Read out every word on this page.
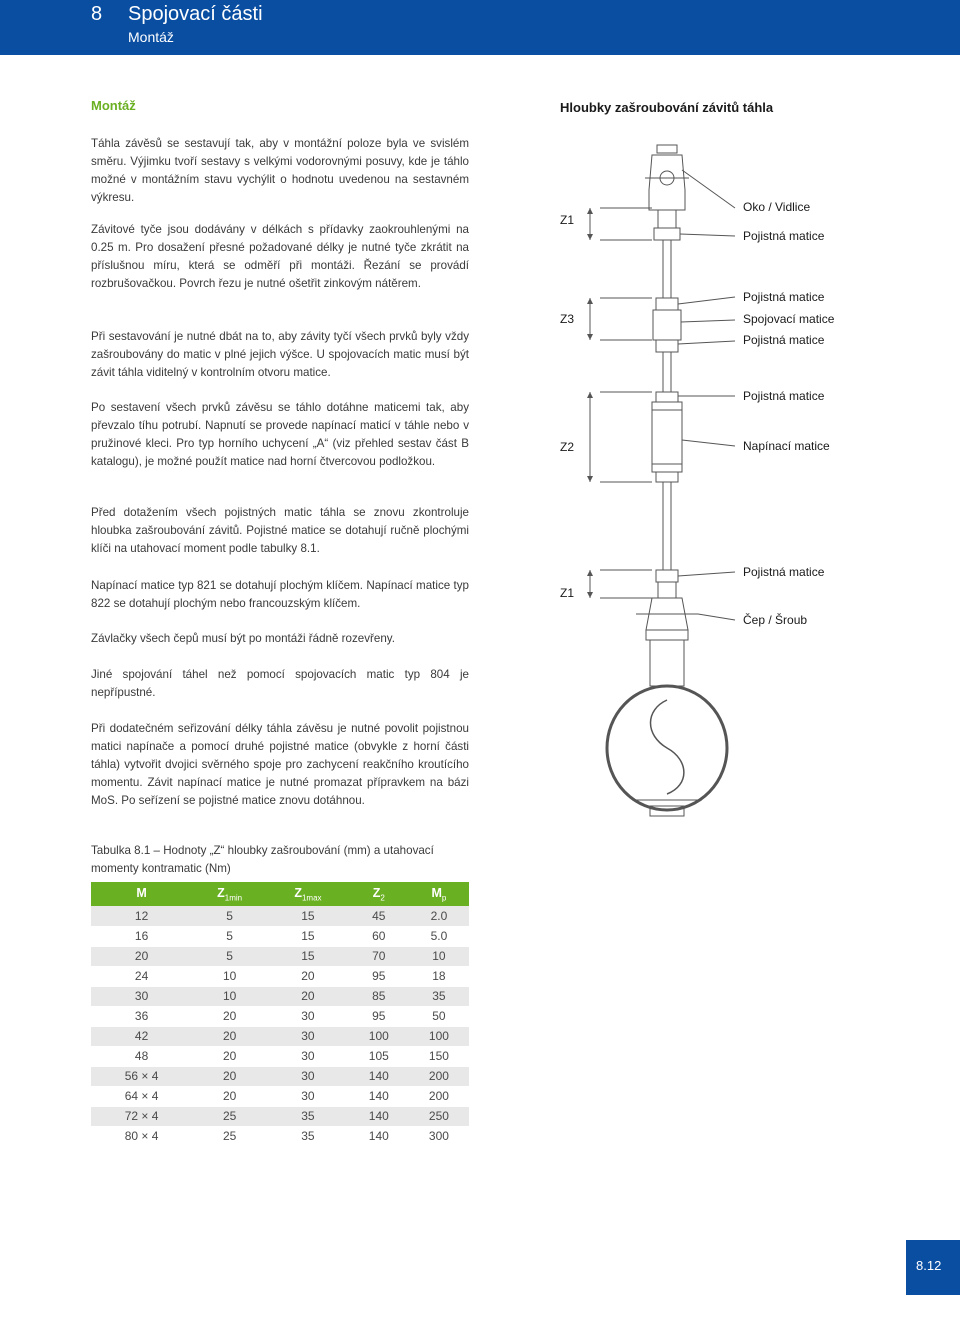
8 Spojovací části
Montáž
Montáž	Hloubky zašroubování závitů táhla

Táhla závěsů se sestavují tak, aby v montážní poloze byla ve svislém směru. Výjimku tvoří sestavy s velkými vodorovnými posuvy, kde je táhlo možné v montážním stavu vychýlit o hodnotu uvedenou na sestavném výkresu.

Závitové tyče jsou dodávány v délkách s přídavky zaokrouhlenými na 0.25 m. Pro dosažení přesné požadované délky je nutné tyče zkrátit na příslušnou míru, která se odměří při montáži. Řezání se provádí rozbrušovačkou. Povrch řezu je nutné ošetřit zinkovým nátěrem.

Při sestavování je nutné dbát na to, aby závity tyčí všech prvků byly vždy zašroubovány do matic v plné jejich výšce. U spojovacích matic musí být závit táhla viditelný v kontrolním otvoru matice.

Po sestavení všech prvků závěsu se táhlo dotáhne maticemi tak, aby převzalo tíhu potrubí. Napnutí se provede napínací maticí v táhle nebo v pružinové kleci. Pro typ horního uchycení „A“ (viz přehled sestav část B katalogu), je možné použít matice nad horní čtvercovou podložkou.

Před dotažením všech pojistných matic táhla se znovu zkontroluje hloubka zašroubování závitů. Pojistné matice se dotahují ručně plochými klíči na utahovací moment podle tabulky 8.1.

Napínací matice typ 821 se dotahují plochým klíčem. Napínací matice typ 822 se dotahují plochým nebo francouzským klíčem.

Závlačky všech čepů musí být po montáži řádně rozevřeny.

Jiné spojování táhel než pomocí spojovacích matic typ 804 je nepřípustné.

Při dodatečném seřizování délky táhla závěsu je nutné povolit pojistnou matici napínače a pomocí druhé pojistné matice (obvykle z horní části táhla) vytvořit dvojici svěrného spoje pro zachycení reakčního kroutícího momentu. Závit napínací matice je nutné promazat přípravkem na bázi MoS. Po seřízení se pojistné matice znovu dotáhnou.

Tabulka 8.1 – Hodnoty „Z“ hloubky zašroubování (mm) a utahovací momenty kontramatic (Nm)

M	$Z_{1min}$	$Z_{1max}$	$Z_2$	$M_p$
12	5	15	45	2.0
16	5	15	60	5.0
20	5	15	70	10
24	10	20	95	18
30	10	20	85	35
36	20	30	95	50
42	20	30	100	100
48	20	30	105	150
56 × 4	20	30	140	200
64 × 4	20	30	140	200
72 × 4	25	35	140	250
80 × 4	25	35	140	300
Z1
Z3
Z2
Z1
Oko / Vidlice
Pojistná matice
Pojistná matice
Spojovací matice
Pojistná matice
Pojistná matice
Napínací matice
Pojistná matice
Čep / Šroub
8.12
